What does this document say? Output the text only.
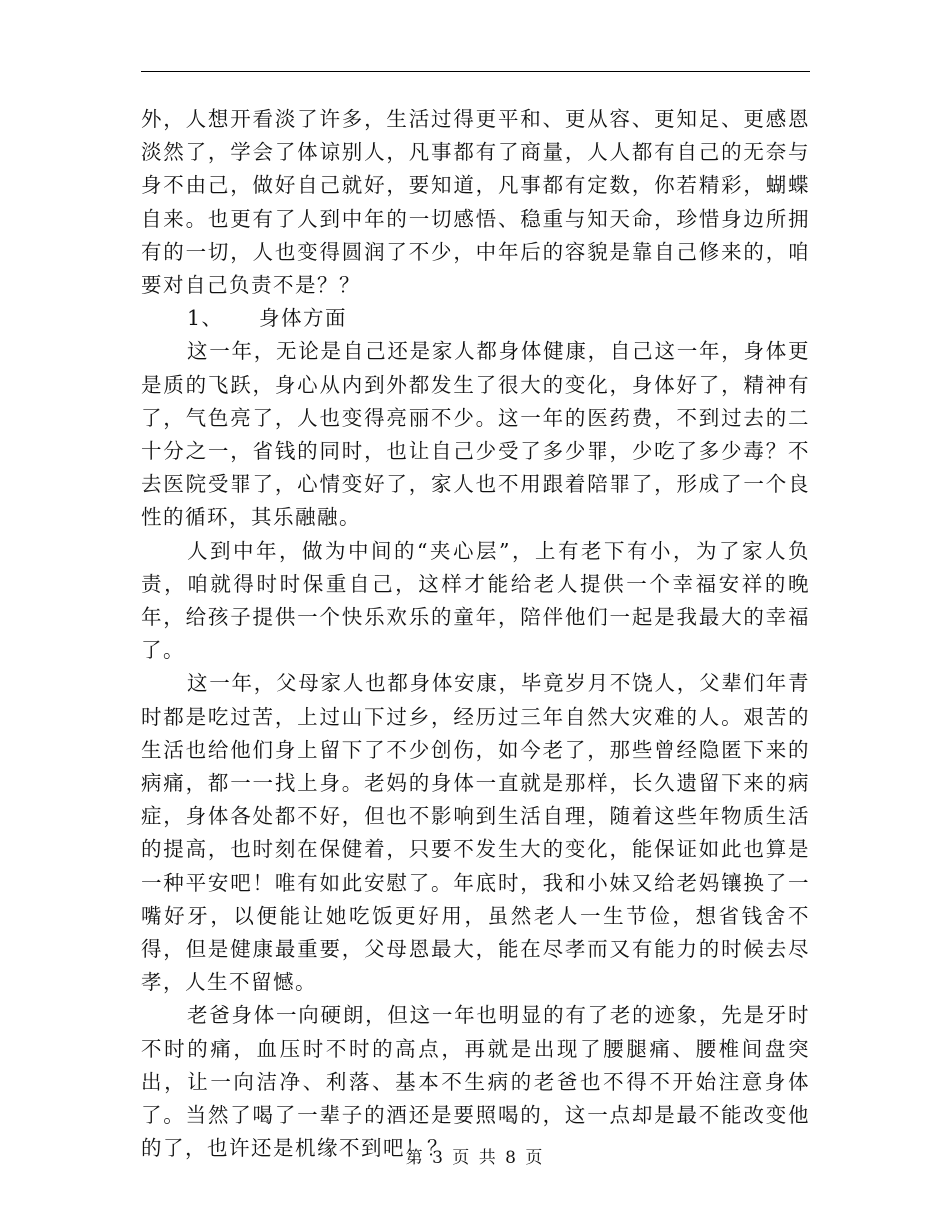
外，人想开看淡了许多，生活过得更平和、更从容、更知足、更感恩淡然了，学会了体谅别人，凡事都有了商量，人人都有自己的无奈与身不由己，做好自己就好，要知道，凡事都有定数，你若精彩，蝴蝶自来。也更有了人到中年的一切感悟、稳重与知天命，珍惜身边所拥有的一切，人也变得圆润了不少，中年后的容貌是靠自己修来的，咱要对自己负责不是？？

1、 身体方面

这一年，无论是自己还是家人都身体健康，自己这一年，身体更是质的飞跃，身心从内到外都发生了很大的变化，身体好了，精神有了，气色亮了，人也变得亮丽不少。这一年的医药费，不到过去的二十分之一，省钱的同时，也让自己少受了多少罪，少吃了多少毒？不去医院受罪了，心情变好了，家人也不用跟着陪罪了，形成了一个良性的循环，其乐融融。

人到中年，做为中间的“夹心层”，上有老下有小，为了家人负责，咱就得时时保重自己，这样才能给老人提供一个幸福安祥的晚年，给孩子提供一个快乐欢乐的童年，陪伴他们一起是我最大的幸福了。

这一年，父母家人也都身体安康，毕竟岁月不饶人，父辈们年青时都是吃过苦，上过山下过乡，经历过三年自然大灾难的人。艰苦的生活也给他们身上留下了不少创伤，如今老了，那些曾经隐匿下来的病痛，都一一找上身。老妈的身体一直就是那样，长久遗留下来的病症，身体各处都不好，但也不影响到生活自理，随着这些年物质生活的提高，也时刻在保健着，只要不发生大的变化，能保证如此也算是一种平安吧！唯有如此安慰了。年底时，我和小妹又给老妈镶换了一嘴好牙，以便能让她吃饭更好用，虽然老人一生节俭，想省钱舍不得，但是健康最重要，父母恩最大，能在尽孝而又有能力的时候去尽孝，人生不留憾。

老爸身体一向硬朗，但这一年也明显的有了老的迹象，先是牙时不时的痛，血压时不时的高点，再就是出现了腰腿痛、腰椎间盘突出，让一向洁净、利落、基本不生病的老爸也不得不开始注意身体了。当然了喝了一辈子的酒还是要照喝的，这一点却是最不能改变他的了，也许还是机缘不到吧！？

第 3 页 共 8 页
